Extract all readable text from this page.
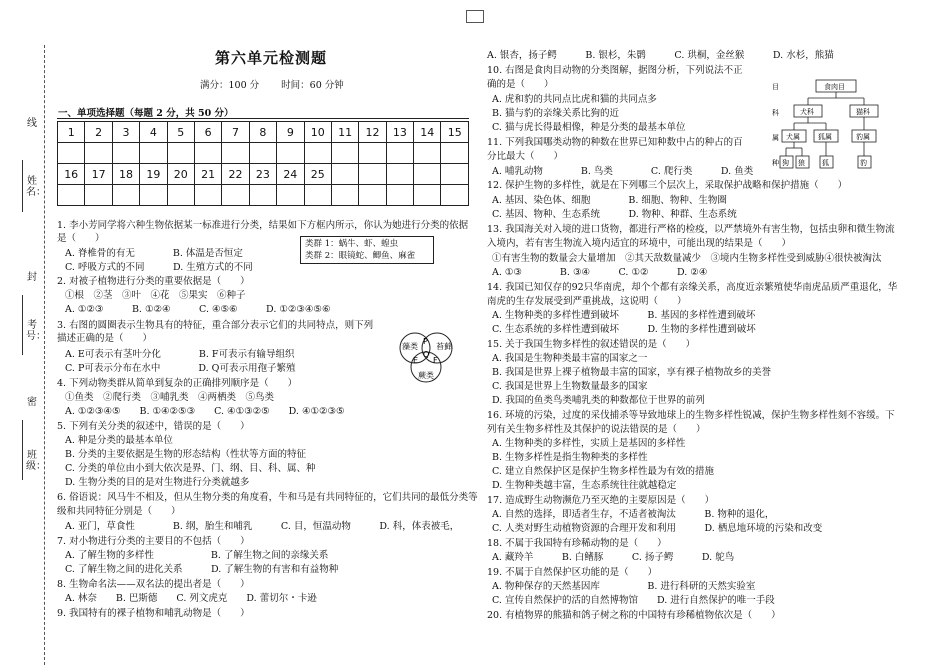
线
姓名：
封
考号：
密
班级：
第六单元检测题
满分：100 分　　 时间：60 分钟
一、单项选择题（每题 2 分，共 50 分）
1	2	3	4	5	6	7	8	9	10	11	12	13	14	15

16	17	18	19	20	21	22	23	24	25					

1. 李小芳同学将六种生物依据某一标准进行分类，结果如下方框内所示，你认为她进行分类的依据
是（　　）
A. 脊椎骨的有无　　　　B. 体温是否恒定
C. 呼吸方式的不同　　　D. 生殖方式的不同
2. 对被子植物进行分类的重要依据是（　　）
①根　②茎　③叶　④花　⑤果实　⑥种子
A. ①②③　　　B. ①②④　　　C. ④⑤⑥　　　D. ①②③④⑤⑥
3. 右图的圆圈表示生物具有的特征，重合部分表示它们的共同特点，则下列
描述正确的是（　　）
A. E可表示有茎叶分化　　　　B. F可表示有输导组织
C. P可表示分布在水中　　　　D. Q可表示用孢子繁殖
4. 下列动物类群从简单到复杂的正确排列顺序是（　　）
①鱼类　②爬行类　③哺乳类　④两栖类　⑤鸟类
A. ①②③④⑤　　B. ①④②⑤③　　C. ④①③②⑤　　D. ④①②③⑤
5. 下列有关分类的叙述中，错误的是（　　）
A. 种是分类的最基本单位
B. 分类的主要依据是生物的形态结构（性状等方面的特征
C. 分类的单位由小到大依次是界、门、纲、目、科、属、种
D. 生物分类的目的是对生物进行分类就越多
6. 俗语说：风马牛不相及，但从生物分类的角度看，牛和马是有共同特征的，它们共同的最低分类等
级和共同特征分别是（　　）
A. 亚门，草食性　　　　B. 纲，胎生和哺乳　　　C. 目，恒温动物　　　D. 科，体表被毛，
7. 对小物进行分类的主要目的不包括（　　）
A. 了解生物的多样性　　　　　　B. 了解生物之间的亲缘关系
C. 了解生物之间的进化关系　　　D. 了解生物的有害和有益物种
8. 生物命名法——双名法的提出者是（　　）
A. 林奈　　B. 巴斯德　　C. 列文虎克　　D. 蕾切尔・卡逊
9. 我国特有的裸子植物和哺乳动物是（　　）
类群 1：蜗牛、虾、蝗虫
类群 2：眼镜蛇、鲫鱼、麻雀
藻类
P
苔藓
E
Q
F
蕨类
A. 银杏，扬子鳄　　　B. 银杉，朱鹮　　　C. 珙桐，金丝猴　　　D. 水杉，熊猫
10. 右图是食肉目动物的分类图解，据图分析，下列说法不正
确的是（　　）
A. 虎和豹的共同点比虎和猫的共同点多
B. 猫与豹的亲缘关系比狗的近
C. 猫与虎长得最相像，种是分类的最基本单位
11. 下列我国哪类动物的种数在世界已知种数中占的种占的百
分比最大（　　）
A. 哺乳动物　　　　B. 鸟类　　　　C. 爬行类　　　D. 鱼类
12. 保护生物的多样性，就是在下列哪三个层次上，采取保护战略和保护措施（　　）
A. 基因、染色体、细胞　　　　B. 细胞、物种、生物圈
C. 基因、物种、生态系统　　　D. 物种、种群、生态系统
13. 我国海关对入境的进口货物，都进行严格的检疫，以严禁境外有害生物，包括虫卵和微生物流
入境内，若有害生物流入境内适宜的环境中，可能出现的结果是（　　）
①有害生物的数量会大量增加　②其天敌数量减少　③境内生物多样性受到威胁④很快被淘汰
A. ①③　　　　B. ③④　　　C. ①②　　　D. ②④
14. 我国已知仅存的92只华南虎，却个个都有亲缘关系，高度近亲繁殖使华南虎品质严重退化，华
南虎的生存发展受到严重挑战，这说明（　　）
A. 生物种类的多样性遭到破坏　　　B. 基因的多样性遭到破坏
C. 生态系统的多样性遭到破坏　　　D. 生物的多样性遭到破坏
15. 关于我国生物多样性的叙述错误的是（　　）
A. 我国是生物种类最丰富的国家之一
B. 我国是世界上裸子植物最丰富的国家，享有裸子植物故乡的美誉
C. 我国是世界上生物数量最多的国家
D. 我国的鱼类鸟类哺乳类的种数都位于世界的前列
16. 环境的污染，过度的采伐捕杀等导致地球上的生物多样性锐减，保护生物多样性刻不容缓。下
列有关生物多样性及其保护的说法错误的是（　　）
A. 生物种类的多样性，实质上是基因的多样性
B. 生物多样性是指生物种类的多样性
C. 建立自然保护区是保护生物多样性最为有效的措施
D. 生物种类越丰富，生态系统往往就越稳定
17. 造成野生动物濒危乃至灭绝的主要原因是（　　）
A. 自然的选择，即适者生存，不适者被淘汰　　　B. 物种的退化，
C. 人类对野生动植物资源的合理开发和利用　　　D. 栖息地环境的污染和改变
18. 不属于我国特有珍稀动物的是（　　）
A. 藏羚羊　　　B. 白鳍豚　　　C. 扬子鳄　　　D. 鸵鸟
19. 不属于自然保护区功能的是（　　）
A. 物种保存的天然基因库　　　　　B. 进行科研的天然实验室
C. 宣传自然保护的活的自然博物馆　　D. 进行自然保护的唯一手段
20. 有植物界的熊猫和鸽子树之称的中国特有珍稀植物依次是（　　）
目
科
属
种
食肉目
犬科	猫科
犬属	狐属	豹属
狗 狼 狐	豹
